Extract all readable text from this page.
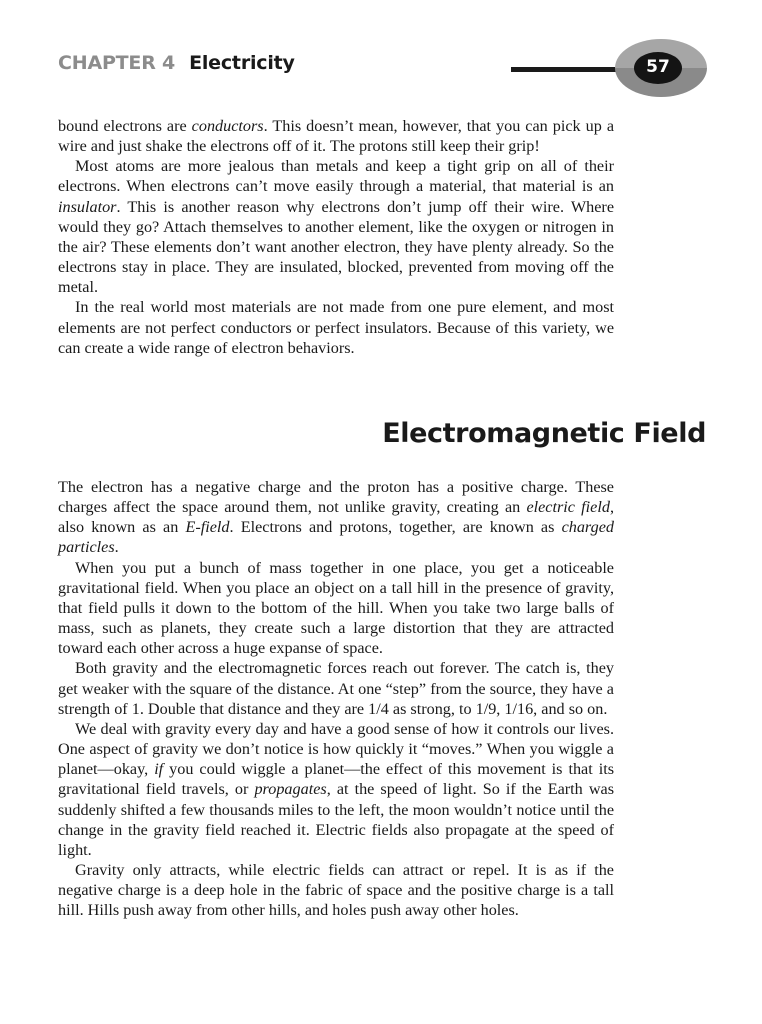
CHAPTER 4 Electricity	57

bound electrons are conductors. This doesn’t mean, however, that you can pick up a wire and just shake the electrons off of it. The protons still keep their grip!

Most atoms are more jealous than metals and keep a tight grip on all of their electrons. When electrons can’t move easily through a material, that material is an insulator. This is another reason why electrons don’t jump off their wire. Where would they go? Attach themselves to another element, like the oxygen or nitrogen in the air? These elements don’t want another electron, they have plenty already. So the electrons stay in place. They are insulated, blocked, prevented from moving off the metal.

In the real world most materials are not made from one pure element, and most elements are not perfect conductors or perfect insulators. Because of this variety, we can create a wide range of electron behaviors.

Electromagnetic Field

The electron has a negative charge and the proton has a positive charge. These charges affect the space around them, not unlike gravity, creating an electric field, also known as an E-field. Electrons and protons, together, are known as charged particles.

When you put a bunch of mass together in one place, you get a noticeable gravitational field. When you place an object on a tall hill in the presence of gravity, that field pulls it down to the bottom of the hill. When you take two large balls of mass, such as planets, they create such a large distortion that they are attracted toward each other across a huge expanse of space.

Both gravity and the electromagnetic forces reach out forever. The catch is, they get weaker with the square of the distance. At one “step” from the source, they have a strength of 1. Double that distance and they are 1/4 as strong, to 1/9, 1/16, and so on.

We deal with gravity every day and have a good sense of how it controls our lives. One aspect of gravity we don’t notice is how quickly it “moves.” When you wiggle a planet—okay, if you could wiggle a planet—the effect of this movement is that its gravitational field travels, or propagates, at the speed of light. So if the Earth was suddenly shifted a few thousands miles to the left, the moon wouldn’t notice until the change in the gravity field reached it. Electric fields also propagate at the speed of light.

Gravity only attracts, while electric fields can attract or repel. It is as if the negative charge is a deep hole in the fabric of space and the positive charge is a tall hill. Hills push away from other hills, and holes push away other holes.
